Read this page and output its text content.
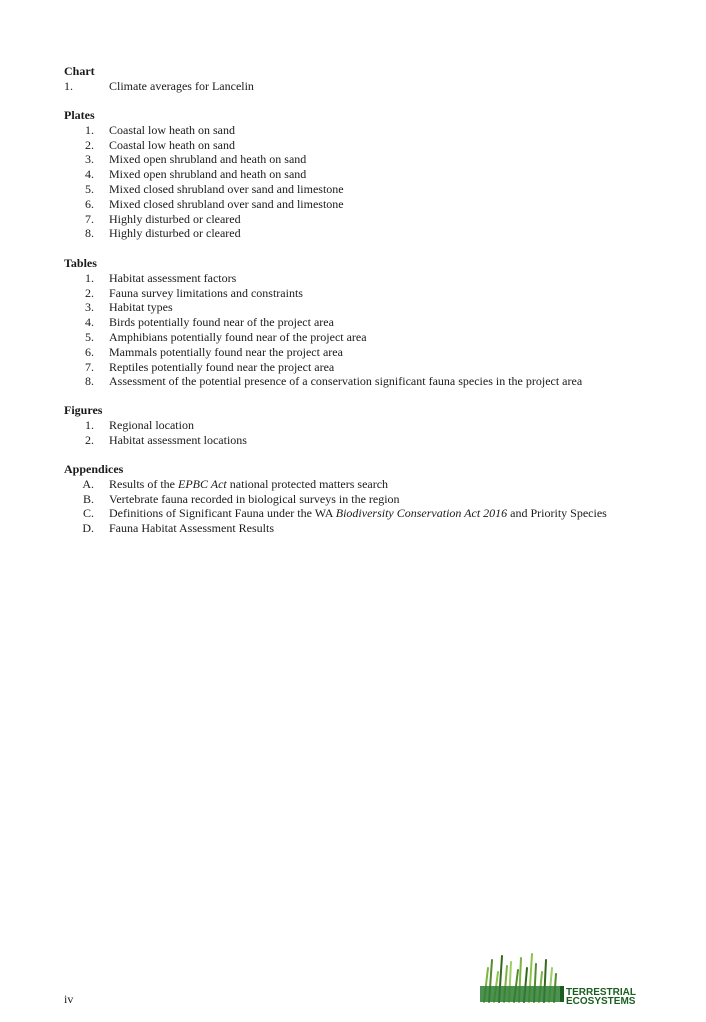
Chart
1.	Climate averages for Lancelin
Plates
1. Coastal low heath on sand
2. Coastal low heath on sand
3. Mixed open shrubland and heath on sand
4. Mixed open shrubland and heath on sand
5. Mixed closed shrubland over sand and limestone
6. Mixed closed shrubland over sand and limestone
7. Highly disturbed or cleared
8. Highly disturbed or cleared
Tables
1. Habitat assessment factors
2. Fauna survey limitations and constraints
3. Habitat types
4. Birds potentially found near of the project area
5. Amphibians potentially found near of the project area
6. Mammals potentially found near the project area
7. Reptiles potentially found near the project area
8. Assessment of the potential presence of a conservation significant fauna species in the project area
Figures
1. Regional location
2. Habitat assessment locations
Appendices
A. Results of the EPBC Act national protected matters search
B. Vertebrate fauna recorded in biological surveys in the region
C. Definitions of Significant Fauna under the WA Biodiversity Conservation Act 2016 and Priority Species
D. Fauna Habitat Assessment Results
iv	TERRESTRIAL
ECOSYSTEMS
